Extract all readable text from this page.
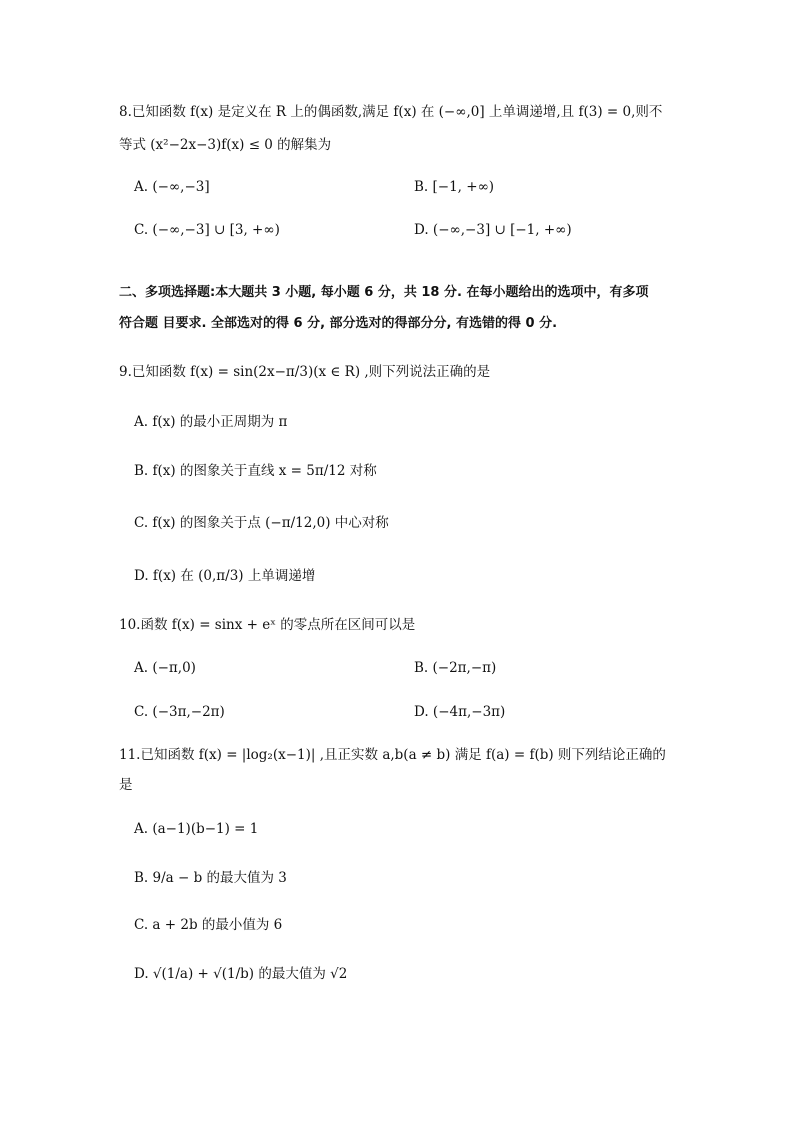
8.已知函数 f(x) 是定义在 R 上的偶函数,满足 f(x) 在 (−∞,0] 上单调递增,且 f(3) = 0,则不
等式 (x²−2x−3)f(x) ≤ 0 的解集为
A. (−∞,−3]	B. [−1, +∞)
C. (−∞,−3] ∪ [3, +∞)	D. (−∞,−3] ∪ [−1, +∞)
二、多项选择题:本大题共 3 小题, 每小题 6 分，共 18 分. 在每小题给出的选项中，有多项
符合题 目要求. 全部选对的得 6 分, 部分选对的得部分分, 有选错的得 0 分.
9.已知函数 f(x) = sin(2x−π/3)(x ∈ R) ,则下列说法正确的是
A. f(x) 的最小正周期为 π
B. f(x) 的图象关于直线 x = 5π/12 对称
C. f(x) 的图象关于点 (−π/12,0) 中心对称
D. f(x) 在 (0,π/3) 上单调递增
10.函数 f(x) = sinx + eˣ 的零点所在区间可以是
A. (−π,0)	B. (−2π,−π)
C. (−3π,−2π)	D. (−4π,−3π)
11.已知函数 f(x) = |log₂(x−1)| ,且正实数 a,b(a ≠ b) 满足 f(a) = f(b) 则下列结论正确的
是
A. (a−1)(b−1) = 1
B. 9/a − b 的最大值为 3
C. a + 2b 的最小值为 6
D. √(1/a) + √(1/b) 的最大值为 √2
